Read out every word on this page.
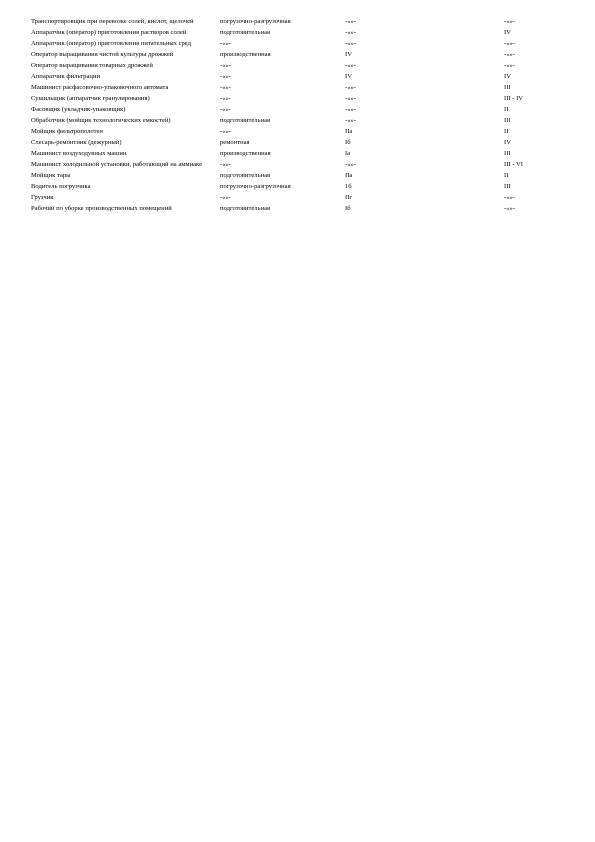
Транспортировщик при перевозке солей, кислот, щелочей	погрузочно-разгрузочная	-«»-	-«»-
Аппаратчик (оператор) приготовления растворов солей	подготовительная	-«»-	IV
Аппаратчик (оператор) приготовления питательных сред	-«»-	-«»-	-«»-
Оператор выращивания чистой культуры дрожжей	производственная	IV	-«»-
Оператор выращивания товарных дрожжей	-«»-	-«»-	-«»-
Аппаратчик фильтрации	-«»-	IV	IV
Машинист расфасовочно-упаковочного автомата	-«»-	-«»-	III
Сушильщик (аппаратчик гранулирования)	-«»-	-«»-	III - IV
Фасовщик (укладчик-упаковщик)	-«»-	-«»-	II
Обработчик (мойщик технологических емкостей)	подготовительная	-«»-	III
Мойщик фильтрополотен	-«»-	IIа	II
Слесарь-ремонтник (дежурный)	ремонтная	Iб	IV
Машинист воздуходувных машин	производственная	Iа	III
Машинист холодильной установки, работающий на аммиаке	-«»-	-«»-	III - VI
Мойщик тары	подготовительная	IIа	II
Водитель погрузчика	погрузочно-разгрузочная	1б	III
Грузчик	-«»-	IIг	-«»-
Рабочий по уборке производственных помещений	подготовительная	Iб	-«»-
